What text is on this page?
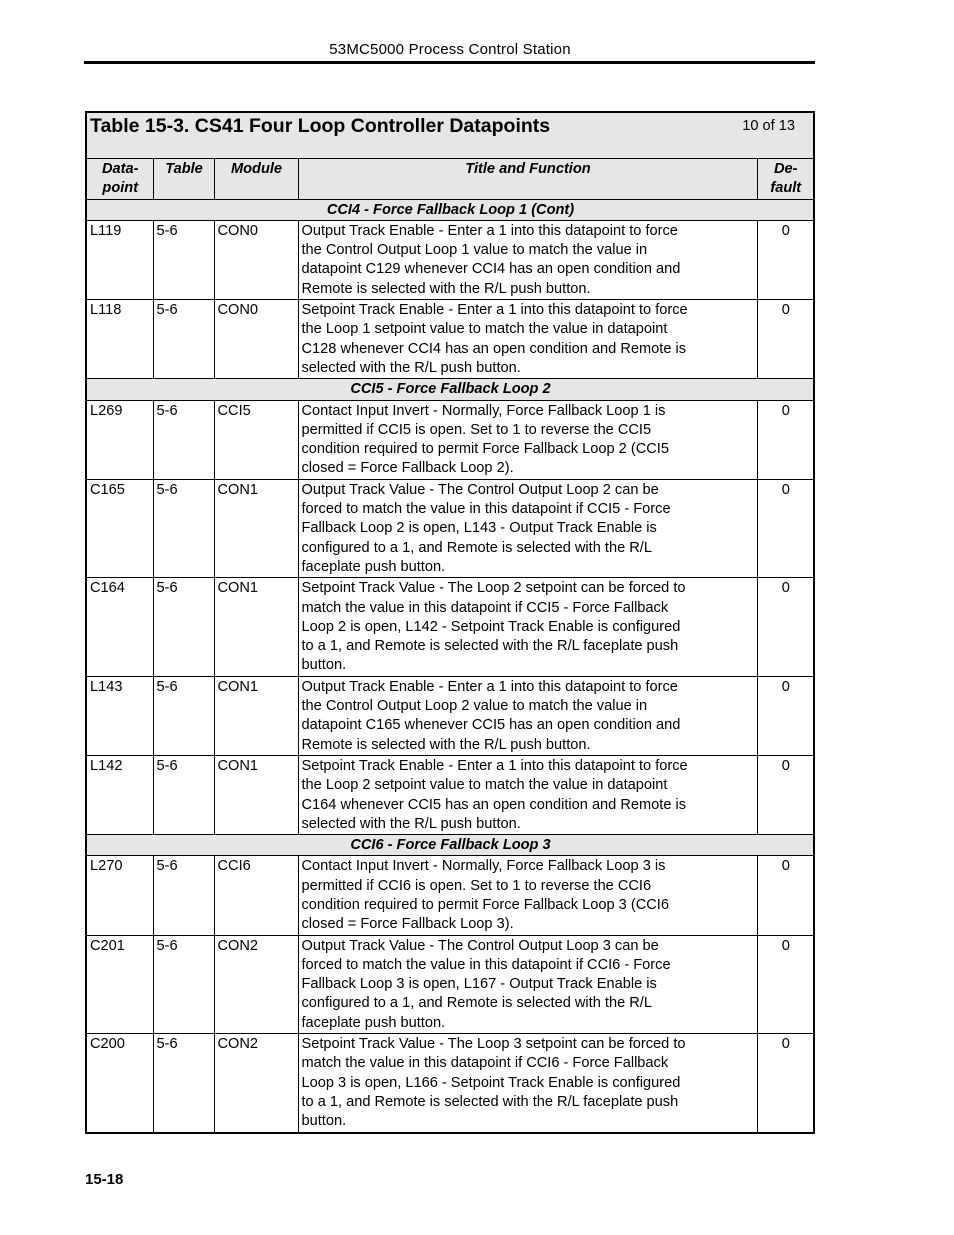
53MC5000 Process Control Station
Table 15-3. CS41 Four Loop Controller Datapoints 10 of 13				

Data-
point	Table	Module	Title and Function	De-
fault
CCI4 - Force Fallback Loop 1 (Cont)				
L119	5-6	CON0	Output Track Enable - Enter a 1 into this datapoint to force
the Control Output Loop 1 value to match the value in
datapoint C129 whenever CCI4 has an open condition and
Remote is selected with the R/L push button.	0
L118	5-6	CON0	Setpoint Track Enable - Enter a 1 into this datapoint to force
the Loop 1 setpoint value to match the value in datapoint
C128 whenever CCI4 has an open condition and Remote is
selected with the R/L push button.	0
CCI5 - Force Fallback Loop 2				
L269	5-6	CCI5	Contact Input Invert - Normally, Force Fallback Loop 1 is
permitted if CCI5 is open. Set to 1 to reverse the CCI5
condition required to permit Force Fallback Loop 2 (CCI5
closed = Force Fallback Loop 2).	0
C165	5-6	CON1	Output Track Value - The Control Output Loop 2 can be
forced to match the value in this datapoint if CCI5 - Force
Fallback Loop 2 is open, L143 - Output Track Enable is
configured to a 1, and Remote is selected with the R/L
faceplate push button.	0
C164	5-6	CON1	Setpoint Track Value - The Loop 2 setpoint can be forced to
match the value in this datapoint if CCI5 - Force Fallback
Loop 2 is open, L142 - Setpoint Track Enable is configured
to a 1, and Remote is selected with the R/L faceplate push
button.	0
L143	5-6	CON1	Output Track Enable - Enter a 1 into this datapoint to force
the Control Output Loop 2 value to match the value in
datapoint C165 whenever CCI5 has an open condition and
Remote is selected with the R/L push button.	0
L142	5-6	CON1	Setpoint Track Enable - Enter a 1 into this datapoint to force
the Loop 2 setpoint value to match the value in datapoint
C164 whenever CCI5 has an open condition and Remote is
selected with the R/L push button.	0
CCI6 - Force Fallback Loop 3				
L270	5-6	CCI6	Contact Input Invert - Normally, Force Fallback Loop 3 is
permitted if CCI6 is open. Set to 1 to reverse the CCI6
condition required to permit Force Fallback Loop 3 (CCI6
closed = Force Fallback Loop 3).	0
C201	5-6	CON2	Output Track Value - The Control Output Loop 3 can be
forced to match the value in this datapoint if CCI6 - Force
Fallback Loop 3 is open, L167 - Output Track Enable is
configured to a 1, and Remote is selected with the R/L
faceplate push button.	0
C200	5-6	CON2	Setpoint Track Value - The Loop 3 setpoint can be forced to
match the value in this datapoint if CCI6 - Force Fallback
Loop 3 is open, L166 - Setpoint Track Enable is configured
to a 1, and Remote is selected with the R/L faceplate push
button.	0
15-18
